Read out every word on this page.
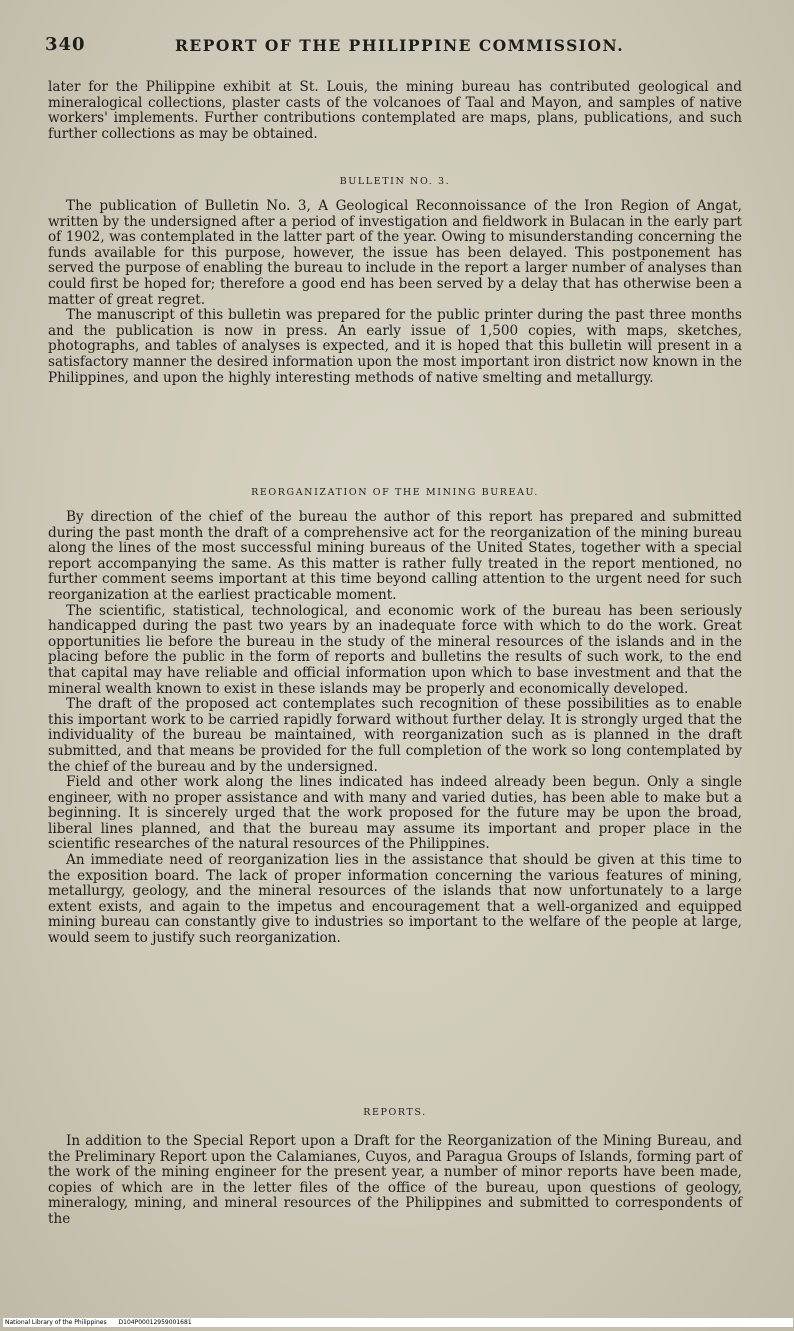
340	REPORT OF THE PHILIPPINE COMMISSION.

later for the Philippine exhibit at St. Louis, the mining bureau has contributed geological and mineralogical collections, plaster casts of the volcanoes of Taal and Mayon, and samples of native workers' implements. Further contributions contemplated are maps, plans, publications, and such further collections as may be obtained.

BULLETIN NO. 3.

The publication of Bulletin No. 3, A Geological Reconnoissance of the Iron Region of Angat, written by the undersigned after a period of investigation and fieldwork in Bulacan in the early part of 1902, was contemplated in the latter part of the year. Owing to misunderstanding concerning the funds available for this purpose, however, the issue has been delayed. This postponement has served the purpose of enabling the bureau to include in the report a larger number of analyses than could first be hoped for; therefore a good end has been served by a delay that has otherwise been a matter of great regret.

The manuscript of this bulletin was prepared for the public printer during the past three months and the publication is now in press. An early issue of 1,500 copies, with maps, sketches, photographs, and tables of analyses is expected, and it is hoped that this bulletin will present in a satisfactory manner the desired information upon the most important iron district now known in the Philippines, and upon the highly interesting methods of native smelting and metallurgy.

REORGANIZATION OF THE MINING BUREAU.

By direction of the chief of the bureau the author of this report has prepared and submitted during the past month the draft of a comprehensive act for the reorganization of the mining bureau along the lines of the most successful mining bureaus of the United States, together with a special report accompanying the same. As this matter is rather fully treated in the report mentioned, no further comment seems important at this time beyond calling attention to the urgent need for such reorganization at the earliest practicable moment.

The scientific, statistical, technological, and economic work of the bureau has been seriously handicapped during the past two years by an inadequate force with which to do the work. Great opportunities lie before the bureau in the study of the mineral resources of the islands and in the placing before the public in the form of reports and bulletins the results of such work, to the end that capital may have reliable and official information upon which to base investment and that the mineral wealth known to exist in these islands may be properly and economically developed.

The draft of the proposed act contemplates such recognition of these possibilities as to enable this important work to be carried rapidly forward without further delay. It is strongly urged that the individuality of the bureau be maintained, with reorganization such as is planned in the draft submitted, and that means be provided for the full completion of the work so long contemplated by the chief of the bureau and by the undersigned.

Field and other work along the lines indicated has indeed already been begun. Only a single engineer, with no proper assistance and with many and varied duties, has been able to make but a beginning. It is sincerely urged that the work proposed for the future may be upon the broad, liberal lines planned, and that the bureau may assume its important and proper place in the scientific researches of the natural resources of the Philippines.

An immediate need of reorganization lies in the assistance that should be given at this time to the exposition board. The lack of proper information concerning the various features of mining, metallurgy, geology, and the mineral resources of the islands that now unfortunately to a large extent exists, and again to the impetus and encouragement that a well-organized and equipped mining bureau can constantly give to industries so important to the welfare of the people at large, would seem to justify such reorganization.

REPORTS.

In addition to the Special Report upon a Draft for the Reorganization of the Mining Bureau, and the Preliminary Report upon the Calamianes, Cuyos, and Paragua Groups of Islands, forming part of the work of the mining engineer for the present year, a number of minor reports have been made, copies of which are in the letter files of the office of the bureau, upon questions of geology, mineralogy, mining, and mineral resources of the Philippines and submitted to correspondents of the

National Library of the Philippines D104P00012959001681
